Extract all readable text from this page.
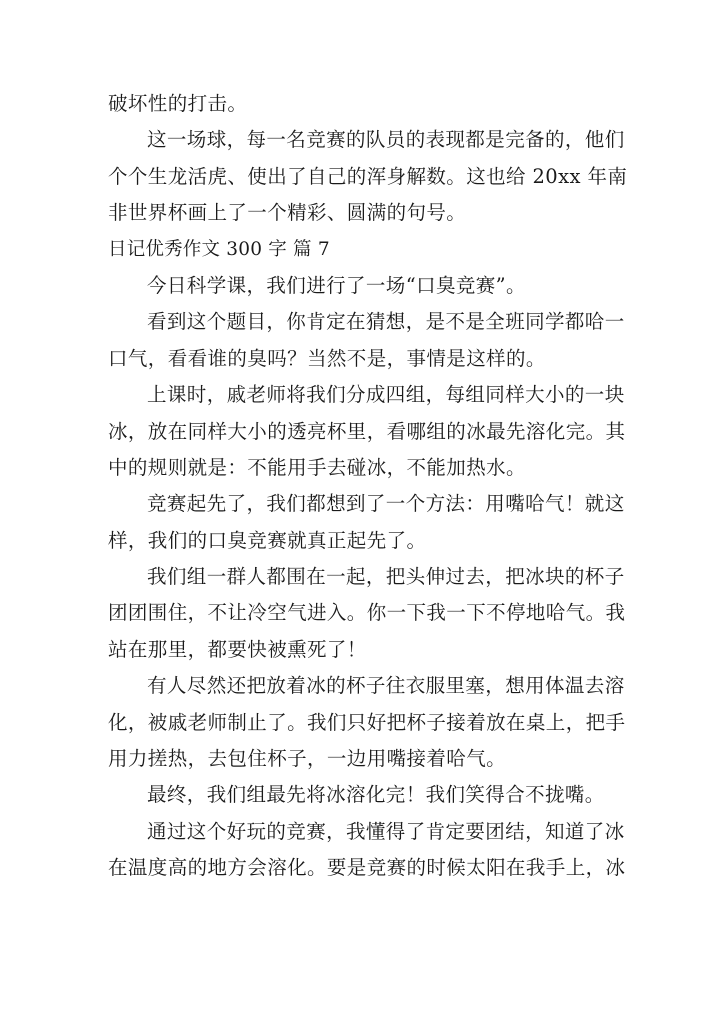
破坏性的打击。
这一场球，每一名竞赛的队员的表现都是完备的，他们
个个生龙活虎、使出了自己的浑身解数。这也给 20xx 年南
非世界杯画上了一个精彩、圆满的句号。
日记优秀作文 300 字 篇 7
今日科学课，我们进行了一场“口臭竞赛”。
看到这个题目，你肯定在猜想，是不是全班同学都哈一
口气，看看谁的臭吗？当然不是，事情是这样的。
上课时，戚老师将我们分成四组，每组同样大小的一块
冰，放在同样大小的透亮杯里，看哪组的冰最先溶化完。其
中的规则就是：不能用手去碰冰，不能加热水。
竞赛起先了，我们都想到了一个方法：用嘴哈气！就这
样，我们的口臭竞赛就真正起先了。
我们组一群人都围在一起，把头伸过去，把冰块的杯子
团团围住，不让冷空气进入。你一下我一下不停地哈气。我
站在那里，都要快被熏死了！
有人尽然还把放着冰的杯子往衣服里塞，想用体温去溶
化，被戚老师制止了。我们只好把杯子接着放在桌上，把手
用力搓热，去包住杯子，一边用嘴接着哈气。
最终，我们组最先将冰溶化完！我们笑得合不拢嘴。
通过这个好玩的竞赛，我懂得了肯定要团结，知道了冰
在温度高的地方会溶化。要是竞赛的时候太阳在我手上，冰
